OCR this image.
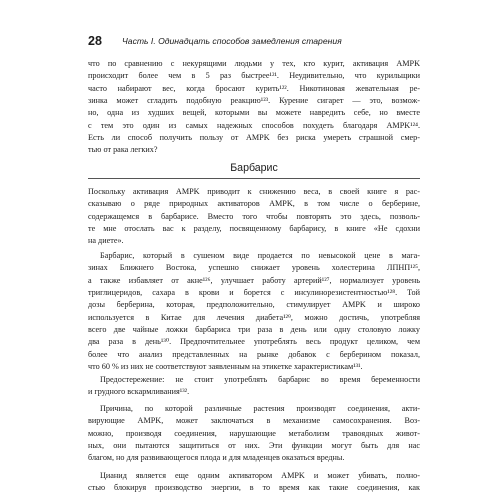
28 Часть I. Одинадцать способов замедления старения
что по сравнению с некурящими людьми у тех, кто курит, активация AMPK
происходит более чем в 5 раз быстрее¹²¹. Неудивительно, что курильщики
часто набирают вес, когда бросают курить¹²². Никотиновая жевательная ре-
зинка может сгладить подобную реакцию¹²³. Курение сигарет — это, возмож-
но, одна из худших вещей, которыми вы можете навредить себе, но вместе
с тем это один из самых надежных способов похудеть благодаря AMPK¹²⁴.
Есть ли способ получить пользу от AMPK без риска умереть страшной смер-
тью от рака легких?
Барбарис
Поскольку активация AMPK приводит к снижению веса, в своей книге я рас-
сказываю о ряде природных активаторов AMPK, в том числе о берберине,
содержащемся в барбарисе. Вместо того чтобы повторять это здесь, позволь-
те мне отослать вас к разделу, посвященному барбарису, в книге «Не сдохни
на диете».
Барбарис, который в сушеном виде продается по невысокой цене в мага-
зинах Ближнего Востока, успешно снижает уровень холестерина ЛПНП¹²⁵,
а также избавляет от акне¹²⁶, улучшает работу артерий¹²⁷, нормализует уровень
триглицеридов, сахара в крови и борется с инсулинорезистентностью¹²⁸. Той
дозы берберина, которая, предположительно, стимулирует AMPK и широко
используется в Китае для лечения диабета¹²⁹, можно достичь, употребляя
всего две чайные ложки барбариса три раза в день или одну столовую ложку
два раза в день¹³⁰. Предпочтительнее употреблять весь продукт целиком, чем
более что анализ представленных на рынке добавок с берберином показал,
что 60 % из них не соответствуют заявленным на этикетке характеристикам¹³¹.
Предостережение: не стоит употреблять барбарис во время беременности
и грудного вскармливания¹³².
Причина, по которой различные растения производят соединения, акти-
вирующие AMPK, может заключаться в механизме самосохранения. Воз-
можно, производя соединения, нарушающие метаболизм травоядных живот-
ных, они пытаются защититься от них. Эти функции могут быть для нас
благом, но для развивающегося плода и для младенцев оказаться вредны.
Цианид является еще одним активатором AMPK и может убивать, полно-
стью блокируя производство энергии, в то время как такие соединения, как
